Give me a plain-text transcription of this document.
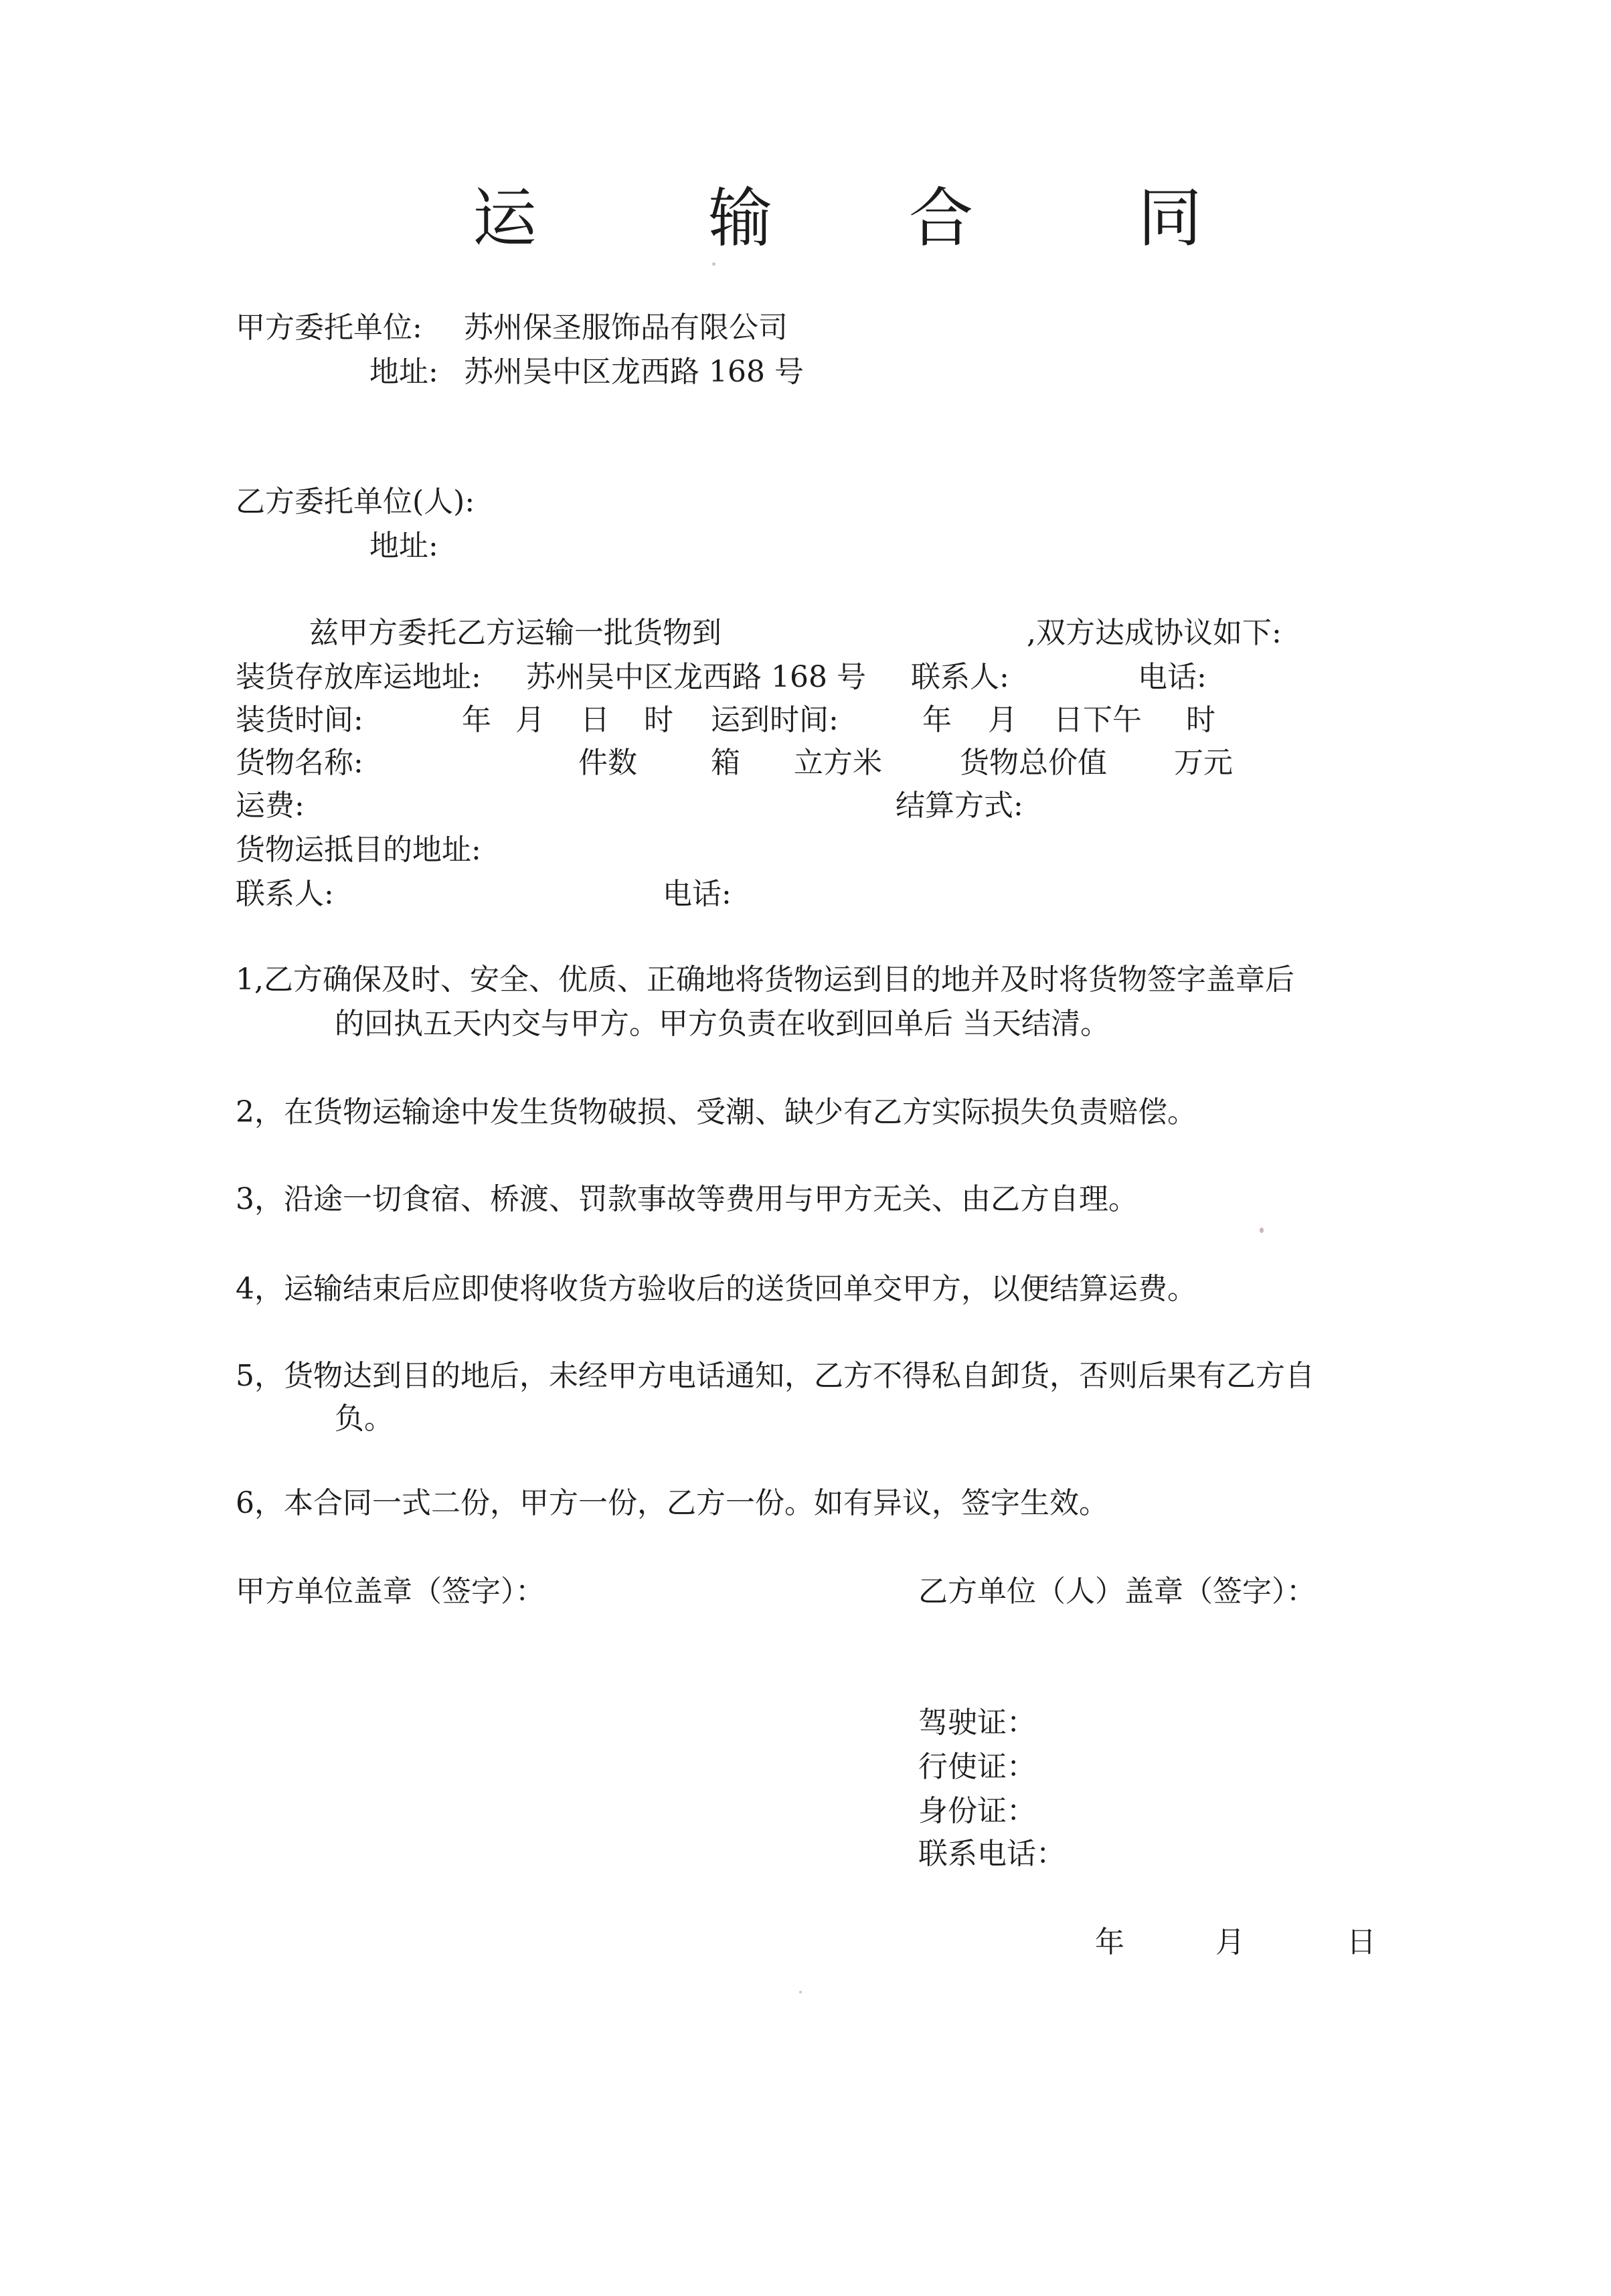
运	输 合	同
甲方委托单位: 苏州保圣服饰品有限公司
地址: 苏州吴中区龙西路 168 号
乙方委托单位(人):
地址:
兹甲方委托乙方运输一批货物到	,双方达成协议如下:
装货存放库运地址: 苏州吴中区龙西路 168 号 联系人:	电话:
装货时间:	年 月 日 时 运到时间:	年 月 日下午 时
货物名称:	件数	箱 立方米	货物总价值 万元
运费:	结算方式:
货物运抵目的地址:
联系人:	电话:
1,乙方确保及时、安全、优质、正确地将货物运到目的地并及时将货物签字盖章后
的回执五天内交与甲方。甲方负责在收到回单后 当天结清。
2，在货物运输途中发生货物破损、受潮、缺少有乙方实际损失负责赔偿。
3，沿途一切食宿、桥渡、罚款事故等费用与甲方无关、由乙方自理。
4，运输结束后应即使将收货方验收后的送货回单交甲方，以便结算运费。
5，货物达到目的地后，未经甲方电话通知，乙方不得私自卸货，否则后果有乙方自
负。
6，本合同一式二份，甲方一份，乙方一份。如有异议，签字生效。
甲方单位盖章（签字）：	乙方单位（人）盖章（签字）：
驾驶证：
行使证：
身份证：
联系电话：
年	月	日
